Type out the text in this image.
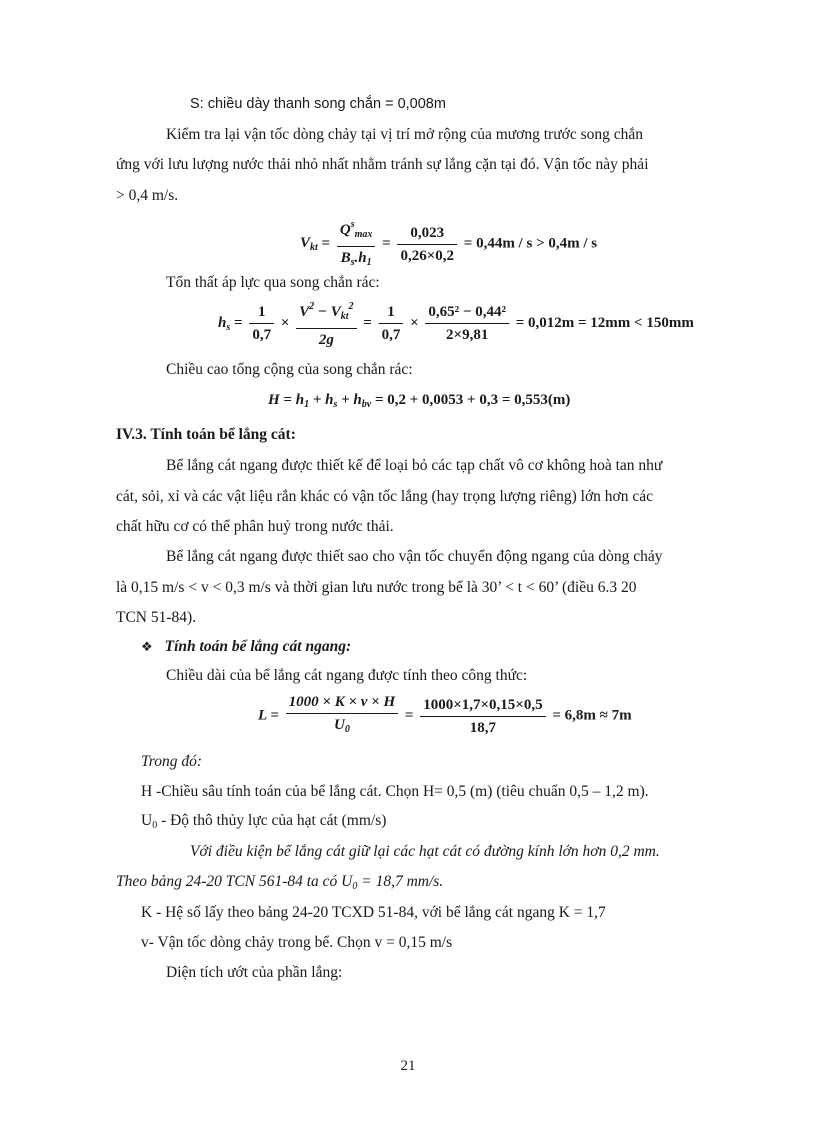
S: chiều dày thanh song chắn = 0,008m
Kiểm tra lại vận tốc dòng chảy tại vị trí mở rộng của mương trước song chắn
ứng với lưu lượng nước thải nhỏ nhất nhằm tránh sự lắng cặn tại đó. Vận tốc này phải
> 0,4 m/s.
$V_{kt} = \frac{Q^s_{max}}{B_s.h_1} = \frac{0,023}{0,26\times 0,2} = 0,44m / s > 0,4m / s$
Tổn thất áp lực qua song chắn rác:
$h_s = \frac{1}{0,7} \times \frac{V^2 - V_{kt}^2}{2g} = \frac{1}{0,7} \times \frac{\text{0,65² − 0,44²}}{2\times 9,81} = 0,012m = 12mm < 150mm$
Chiều cao tổng cộng của song chắn rác:
$H = h_1 + h_s + h_{bv} = 0,2 + 0,0053 + 0,3 = 0,553(m)$
IV.3. Tính toán bể lắng cát:
Bể lắng cát ngang được thiết kế để loại bỏ các tạp chất vô cơ không hoà tan như
cát, sỏi, xỉ và các vật liệu rắn khác có vận tốc lắng (hay trọng lượng riêng) lớn hơn các
chất hữu cơ có thể phân huỷ trong nước thải.
Bể lắng cát ngang được thiết sao cho vận tốc chuyển động ngang của dòng chảy
là 0,15 m/s < v < 0,3 m/s và thời gian lưu nước trong bể là 30’ < t < 60’ (điều 6.3 20
TCN 51-84).
❖ Tính toán bể lắng cát ngang:
Chiều dài của bể lắng cát ngang được tính theo công thức:
$L = \frac{1000 \times K \times v \times H}{U_0} = \frac{1000\times 1,7\times 0,15\times 0,5}{18,7} = 6,8m \approx 7m$
Trong đó:
H -Chiều sâu tính toán của bể lắng cát. Chọn H= 0,5 (m) (tiêu chuẩn 0,5 – 1,2 m).
$U_0$ - Độ thô thủy lực của hạt cát (mm/s)
Với điều kiện bể lắng cát giữ lại các hạt cát có đường kính lớn hơn 0,2 mm.
Theo bảng 24-20 TCN 561-84 ta có $U_0 = 18,7$ mm/s.
K - Hệ số lấy theo bảng 24-20 TCXD 51-84, với bể lắng cát ngang K = 1,7
v- Vận tốc dòng chảy trong bể. Chọn v = 0,15 m/s
Diện tích ướt của phần lắng:
21
